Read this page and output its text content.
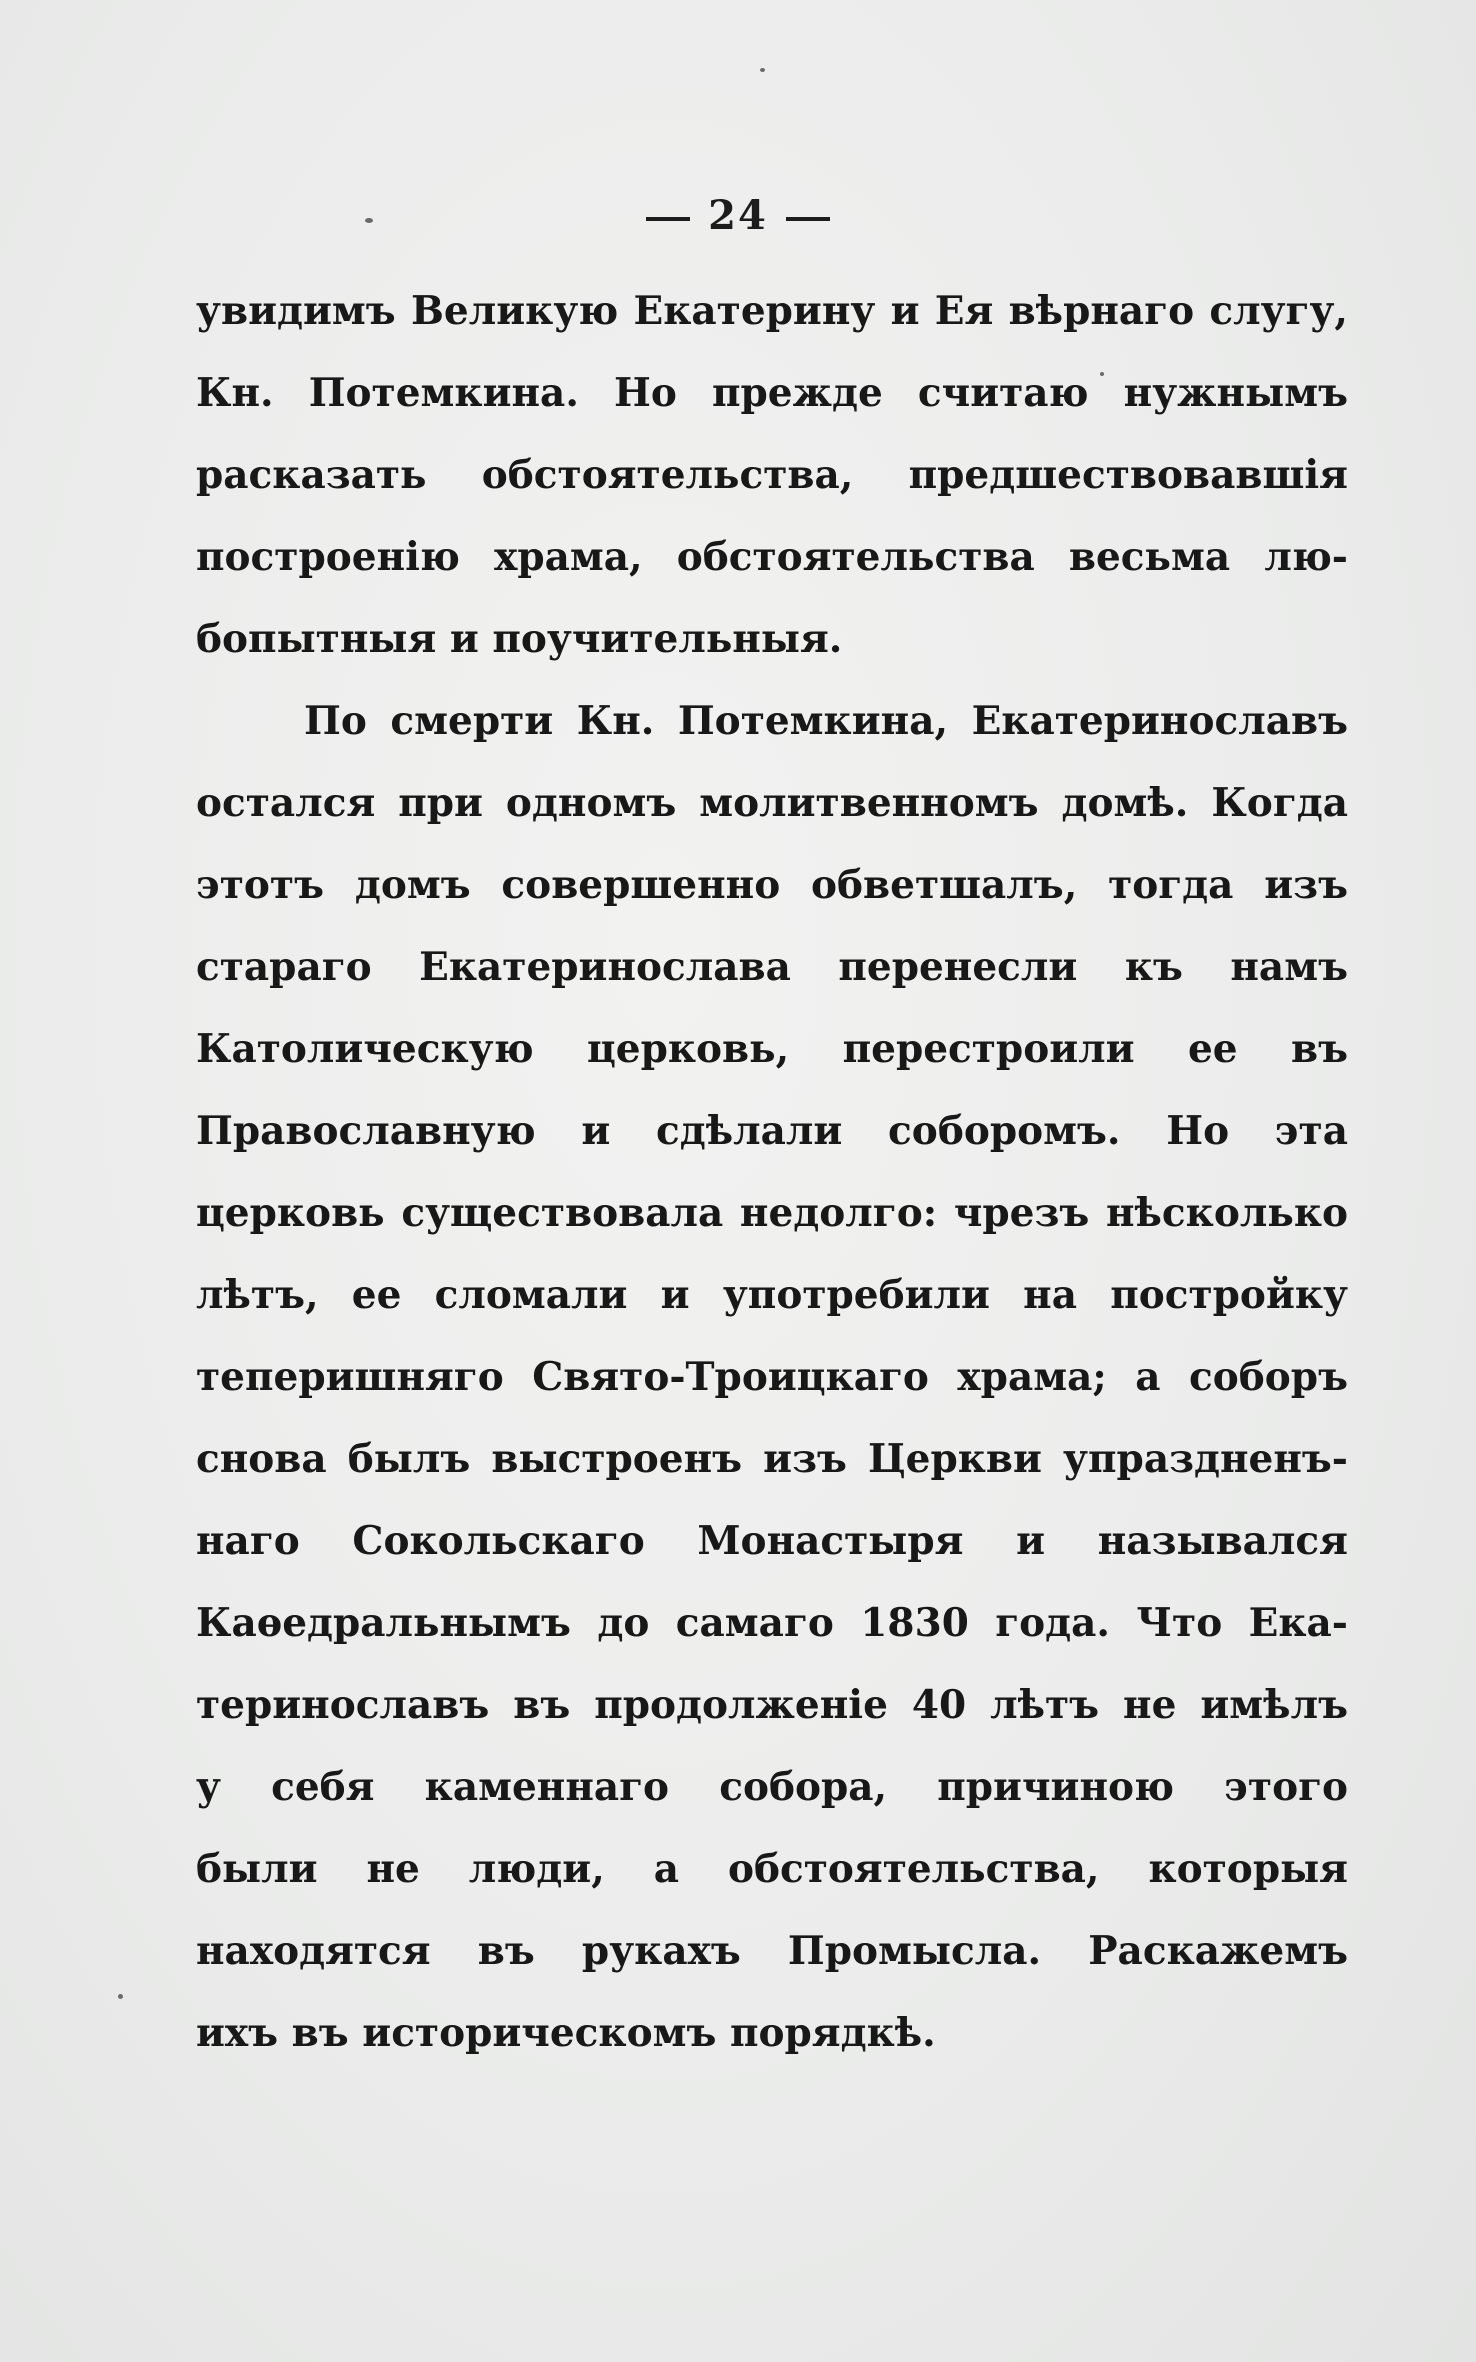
24
увидимъ Великую Екатерину и Ея вѣрнаго слугу,
Кн. Потемкина. Но прежде считаю нужнымъ
расказать обстоятельства, предшествовавшія
построенію храма, обстоятельства весьма лю-
бопытныя и поучительныя.
По смерти Кн. Потемкина, Екатеринославъ
остался при одномъ молитвенномъ домѣ. Когда
этотъ домъ совершенно обветшалъ, тогда изъ
стараго Екатеринослава перенесли къ намъ
Католическую церковь, перестроили ее въ
Православную и сдѣлали соборомъ. Но эта
церковь существовала недолго: чрезъ нѣсколько
лѣтъ, ее сломали и употребили на постройку
теперишняго Свято-Троицкаго храма; а соборъ
снова былъ выстроенъ изъ Церкви упраздненъ-
наго Сокольскаго Монастыря и назывался
Каѳедральнымъ до самаго 1830 года. Что Ека-
теринославъ въ продолженіе 40 лѣтъ не имѣлъ
у себя каменнаго собора, причиною этого
были не люди, а обстоятельства, которыя
находятся въ рукахъ Промысла. Раскажемъ
ихъ въ историческомъ порядкѣ.
